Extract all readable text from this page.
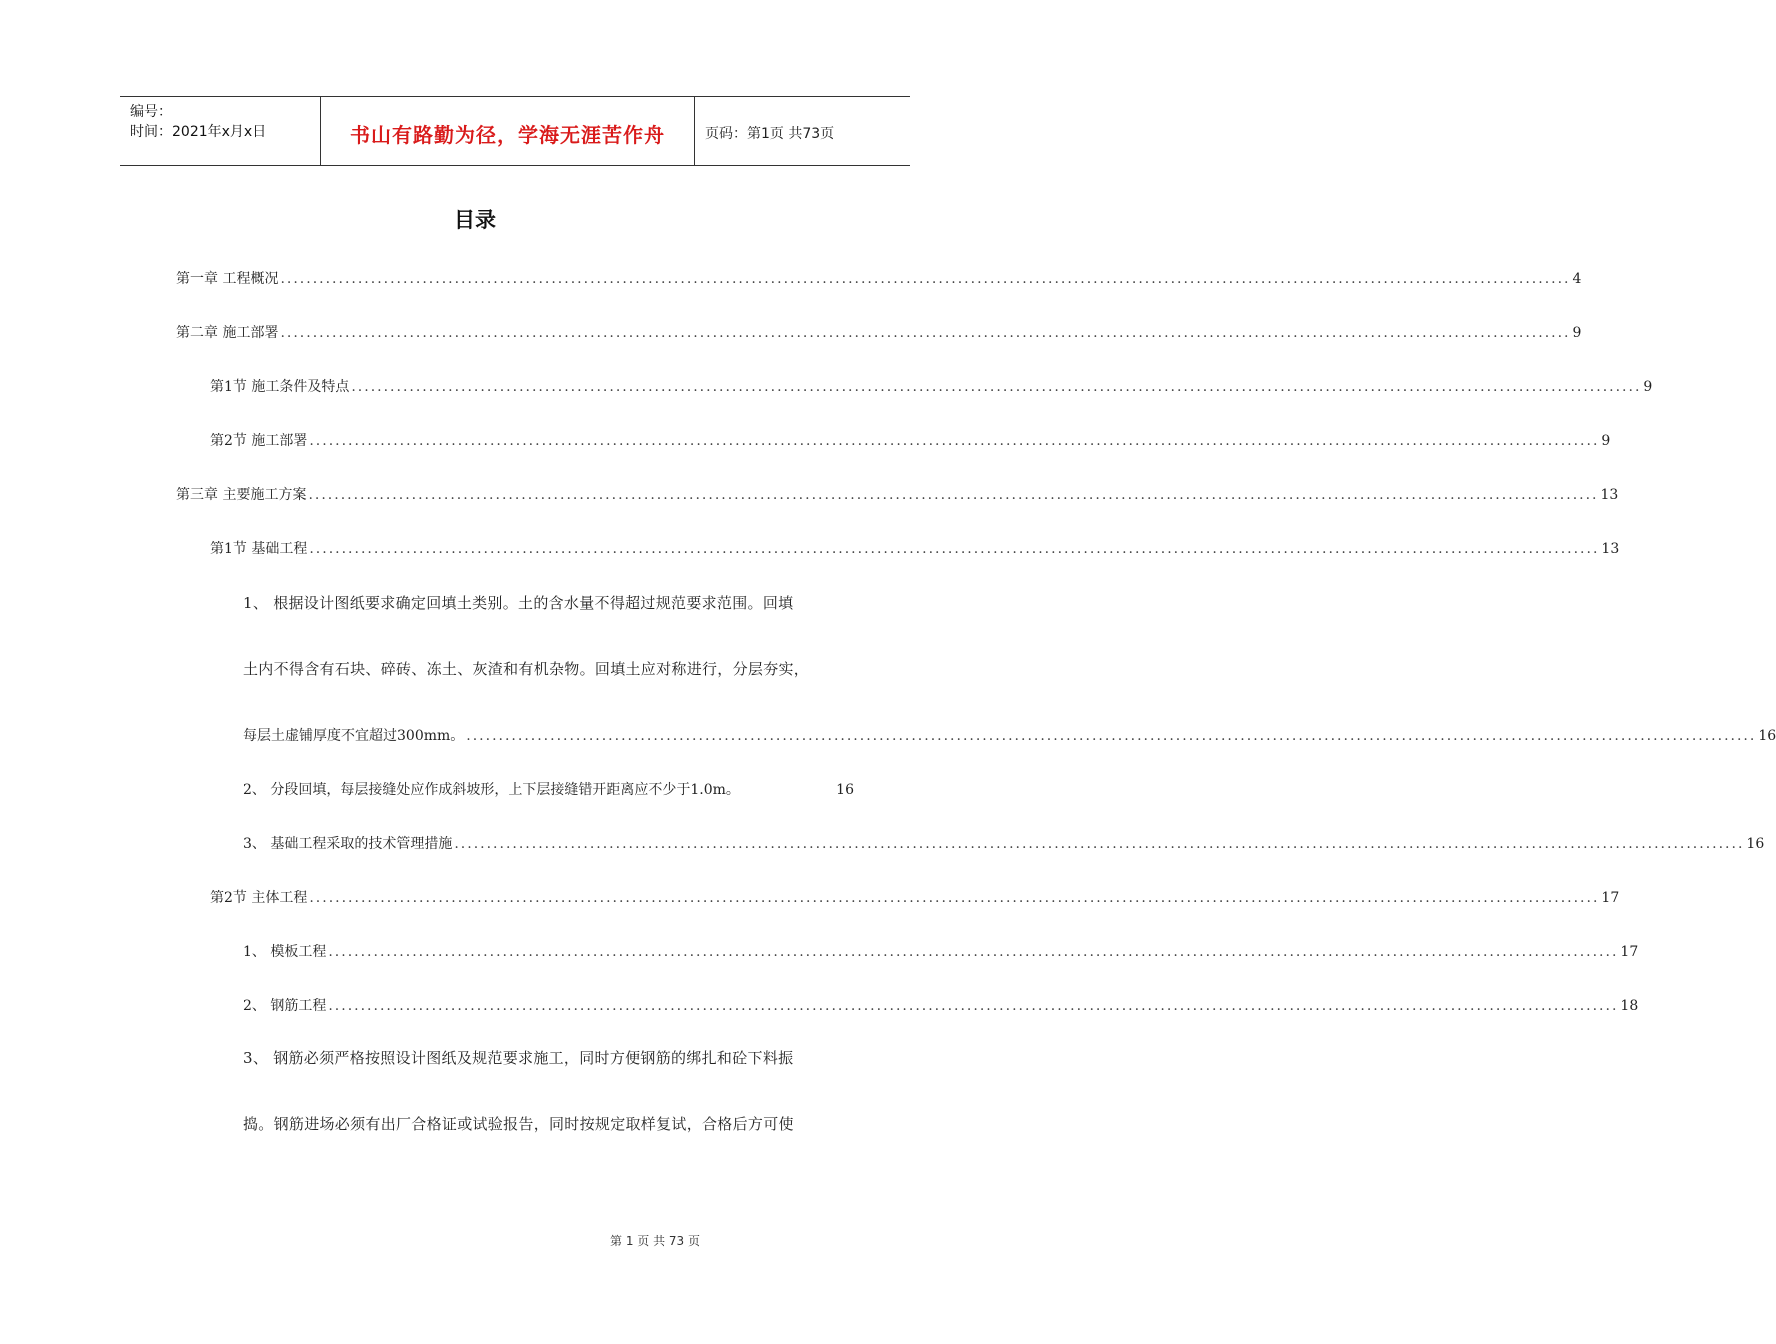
编号：
时间：2021年x月x日	书山有路勤为径，学海无涯苦作舟	页码：第1页 共73页
目录
第一章 工程概况 ........................................................................................................................................................................................................ 4
第二章 施工部署 ........................................................................................................................................................................................................ 9
第1节 施工条件及特点 ........................................................................................................................................................................................................ 9
第2节 施工部署 ........................................................................................................................................................................................................ 9
第三章 主要施工方案 ........................................................................................................................................................................................................ 13
第1节 基础工程 ........................................................................................................................................................................................................ 13
1、 根据设计图纸要求确定回填土类别。土的含水量不得超过规范要求范围。回填
土内不得含有石块、碎砖、冻土、灰渣和有机杂物。回填土应对称进行，分层夯实，
每层土虚铺厚度不宜超过300mm。 ........................................................................................................................................................................................................ 16
2、 分段回填，每层接缝处应作成斜坡形，上下层接缝错开距离应不少于1.0m。	16
3、 基础工程采取的技术管理措施 ........................................................................................................................................................................................................ 16
第2节 主体工程 ........................................................................................................................................................................................................ 17
1、 模板工程 ........................................................................................................................................................................................................ 17
2、 钢筋工程 ........................................................................................................................................................................................................ 18
3、 钢筋必须严格按照设计图纸及规范要求施工，同时方便钢筋的绑扎和砼下料振
捣。钢筋进场必须有出厂合格证或试验报告，同时按规定取样复试，合格后方可使
第 1 页 共 73 页
